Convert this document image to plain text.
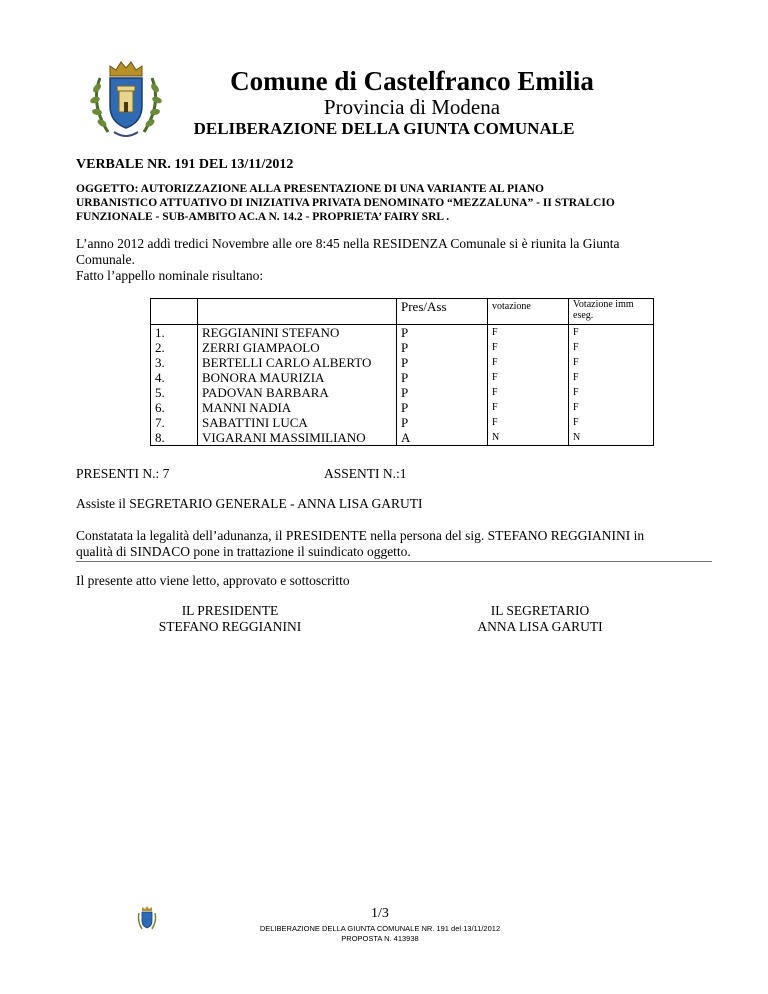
Comune di Castelfranco Emilia
Provincia di Modena
DELIBERAZIONE DELLA GIUNTA COMUNALE
VERBALE NR. 191 DEL 13/11/2012
OGGETTO: AUTORIZZAZIONE ALLA PRESENTAZIONE DI UNA VARIANTE AL PIANO
URBANISTICO ATTUATIVO DI INIZIATIVA PRIVATA DENOMINATO “MEZZALUNA” - II STRALCIO
FUNZIONALE - SUB-AMBITO AC.A N. 14.2 - PROPRIETA’ FAIRY SRL .
L’anno 2012 addì tredici Novembre alle ore 8:45 nella RESIDENZA Comunale si è riunita la Giunta
Comunale.
Fatto l’appello nominale risultano:
		Pres/Ass	votazione	Votazione imm eseg.
1.	REGGIANINI STEFANO	P	F	F
2.	ZERRI GIAMPAOLO	P	F	F
3.	BERTELLI CARLO ALBERTO	P	F	F
4.	BONORA MAURIZIA	P	F	F
5.	PADOVAN BARBARA	P	F	F
6.	MANNI NADIA	P	F	F
7.	SABATTINI LUCA	P	F	F
8.	VIGARANI MASSIMILIANO	A	N	N
PRESENTI N.: 7	ASSENTI N.:1
Assiste il SEGRETARIO GENERALE - ANNA LISA GARUTI
Constatata la legalità dell’adunanza, il PRESIDENTE nella persona del sig. STEFANO REGGIANINI in
qualità di SINDACO pone in trattazione il suindicato oggetto.
Il presente atto viene letto, approvato e sottoscritto
IL PRESIDENTE
STEFANO REGGIANINI
IL SEGRETARIO
ANNA LISA GARUTI
1/3
DELIBERAZIONE DELLA GIUNTA COMUNALE NR. 191 del 13/11/2012
PROPOSTA N. 413938
